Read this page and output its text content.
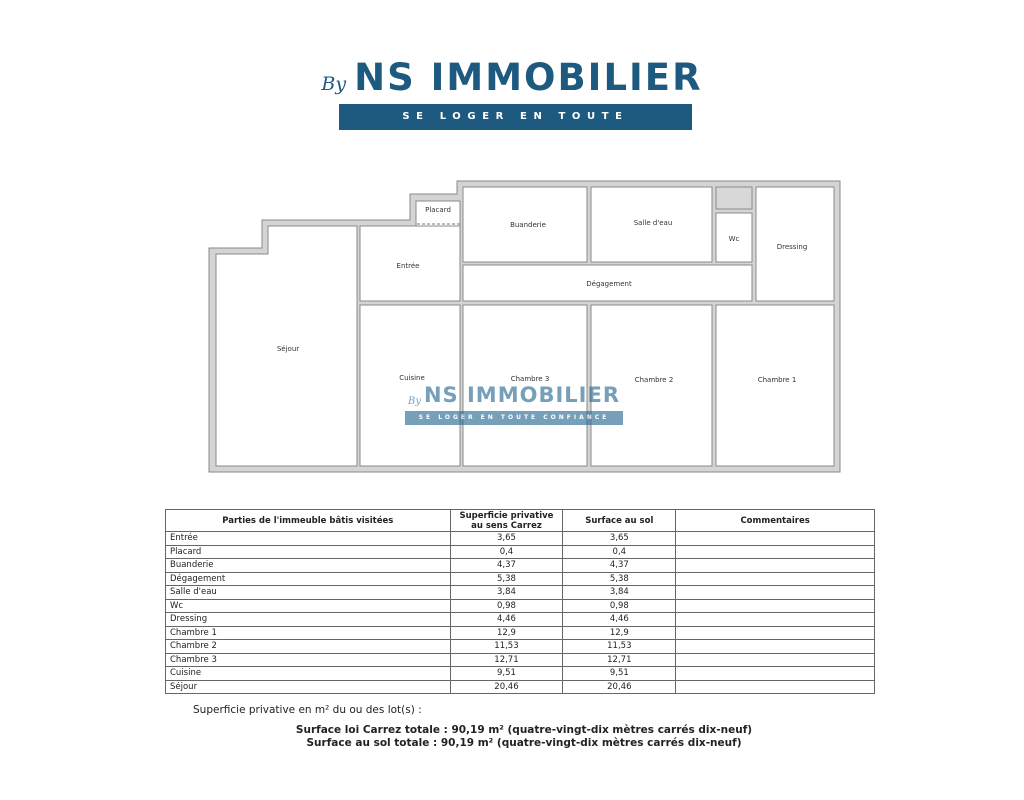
By NS IMMOBILIER
SE LOGER EN TOUTE CONFIANCE
Placard
Buanderie	Salle d'eau
Wc
Dressing
Entrée
Dégagement
Séjour
Cuisine	Chambre 3	Chambre 2	Chambre 1
By NS IMMOBILIER
SE LOGER EN TOUTE CONFIANCE
Parties de l'immeuble bâtis visitées	Superficie privative au sens Carrez	Surface au sol	Commentaires
Entrée	3,65	3,65	
Placard	0,4	0,4	
Buanderie	4,37	4,37	
Dégagement	5,38	5,38	
Salle d'eau	3,84	3,84	
Wc	0,98	0,98	
Dressing	4,46	4,46	
Chambre 1	12,9	12,9	
Chambre 2	11,53	11,53	
Chambre 3	12,71	12,71	
Cuisine	9,51	9,51	
Séjour	20,46	20,46	
Superficie privative en m² du ou des lot(s) :
Surface loi Carrez totale : 90,19 m² (quatre-vingt-dix mètres carrés dix-neuf)
Surface au sol totale : 90,19 m² (quatre-vingt-dix mètres carrés dix-neuf)
